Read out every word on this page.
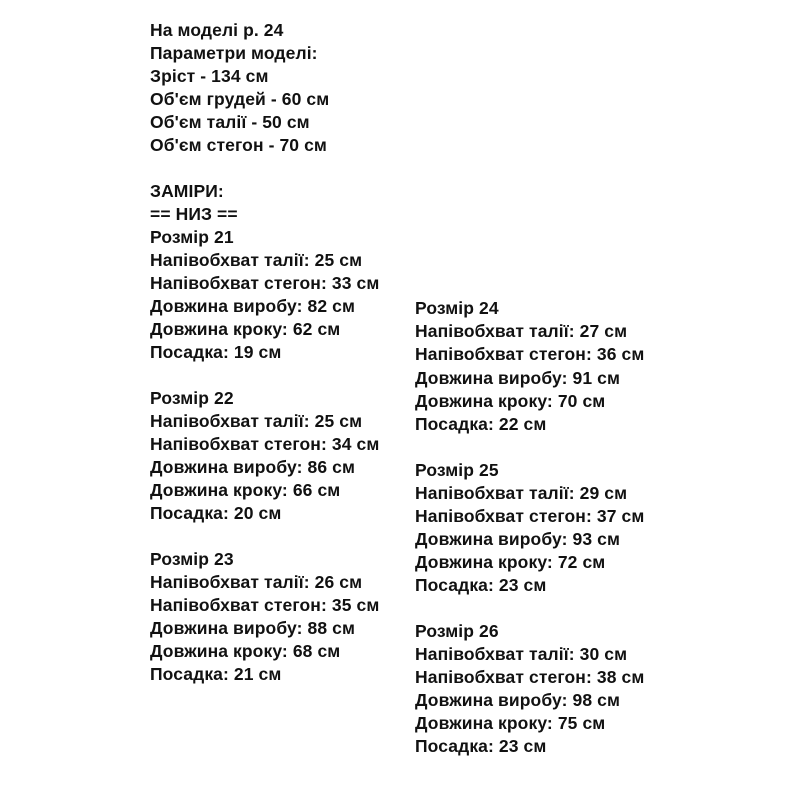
На моделі р. 24
Параметри моделі:
Зріст - 134 см
Об'єм грудей - 60 см
Об'єм талії - 50 см
Об'єм стегон - 70 см
ЗАМІРИ:
== НИЗ ==
Розмір 21
Напівобхват талії: 25 см
Напівобхват стегон: 33 см
Довжина виробу: 82 см
Довжина кроку: 62 см
Посадка: 19 см
Розмір 22
Напівобхват талії: 25 см
Напівобхват стегон: 34 см
Довжина виробу: 86 см
Довжина кроку: 66 см
Посадка: 20 см
Розмір 23
Напівобхват талії: 26 см
Напівобхват стегон: 35 см
Довжина виробу: 88 см
Довжина кроку: 68 см
Посадка: 21 см
Розмір 24
Напівобхват талії: 27 см
Напівобхват стегон: 36 см
Довжина виробу: 91 см
Довжина кроку: 70 см
Посадка: 22 см
Розмір 25
Напівобхват талії: 29 см
Напівобхват стегон: 37 см
Довжина виробу: 93 см
Довжина кроку: 72 см
Посадка: 23 см
Розмір 26
Напівобхват талії: 30 см
Напівобхват стегон: 38 см
Довжина виробу: 98 см
Довжина кроку: 75 см
Посадка: 23 см
